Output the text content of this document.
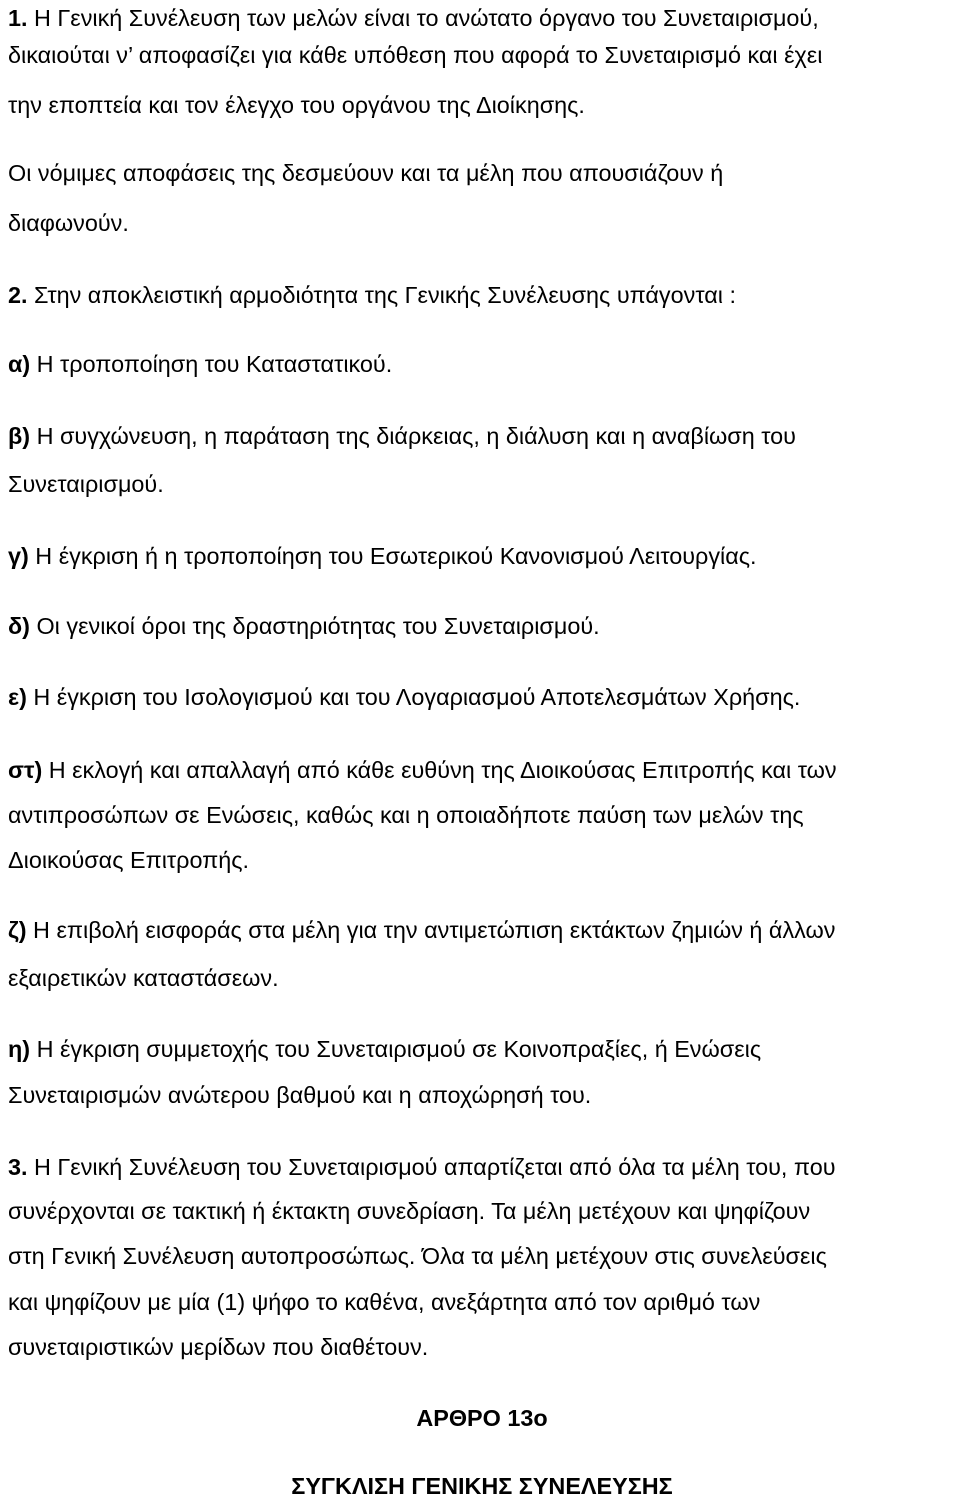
1. Η Γενική Συνέλευση των μελών είναι το ανώτατο όργανο του Συνεταιρισμού,
δικαιούται ν’ αποφασίζει για κάθε υπόθεση που αφορά το Συνεταιρισμό και έχει
την εποπτεία και τον έλεγχο του οργάνου της Διοίκησης.
Οι νόμιμες αποφάσεις της δεσμεύουν και τα μέλη που απουσιάζουν ή
διαφωνούν.
2. Στην αποκλειστική αρμοδιότητα της Γενικής Συνέλευσης υπάγονται :
α) Η τροποποίηση του Καταστατικού.
β) Η συγχώνευση, η παράταση της διάρκειας, η διάλυση και η αναβίωση του
Συνεταιρισμού.
γ) Η έγκριση ή η τροποποίηση του Εσωτερικού Κανονισμού Λειτουργίας.
δ) Οι γενικοί όροι της δραστηριότητας του Συνεταιρισμού.
ε) Η έγκριση του Ισολογισμού και του Λογαριασμού Αποτελεσμάτων Χρήσης.
στ) Η εκλογή και απαλλαγή από κάθε ευθύνη της Διοικούσας Επιτροπής και των
αντιπροσώπων σε Ενώσεις, καθώς και η οποιαδήποτε παύση των μελών της
Διοικούσας Επιτροπής.
ζ) Η επιβολή εισφοράς στα μέλη για την αντιμετώπιση εκτάκτων ζημιών ή άλλων
εξαιρετικών καταστάσεων.
η) Η έγκριση συμμετοχής του Συνεταιρισμού σε Κοινοπραξίες, ή Ενώσεις
Συνεταιρισμών ανώτερου βαθμού και η αποχώρησή του.
3. Η Γενική Συνέλευση του Συνεταιρισμού απαρτίζεται από όλα τα μέλη του, που
συνέρχονται σε τακτική ή έκτακτη συνεδρίαση. Τα μέλη μετέχουν και ψηφίζουν
στη Γενική Συνέλευση αυτοπροσώπως. Όλα τα μέλη μετέχουν στις συνελεύσεις
και ψηφίζουν με μία (1) ψήφο το καθένα, ανεξάρτητα από τον αριθμό των
συνεταιριστικών μερίδων που διαθέτουν.
ΑΡΘΡΟ 13ο
ΣΥΓΚΛΙΣΗ ΓΕΝΙΚΗΣ ΣΥΝΕΛΕΥΣΗΣ
